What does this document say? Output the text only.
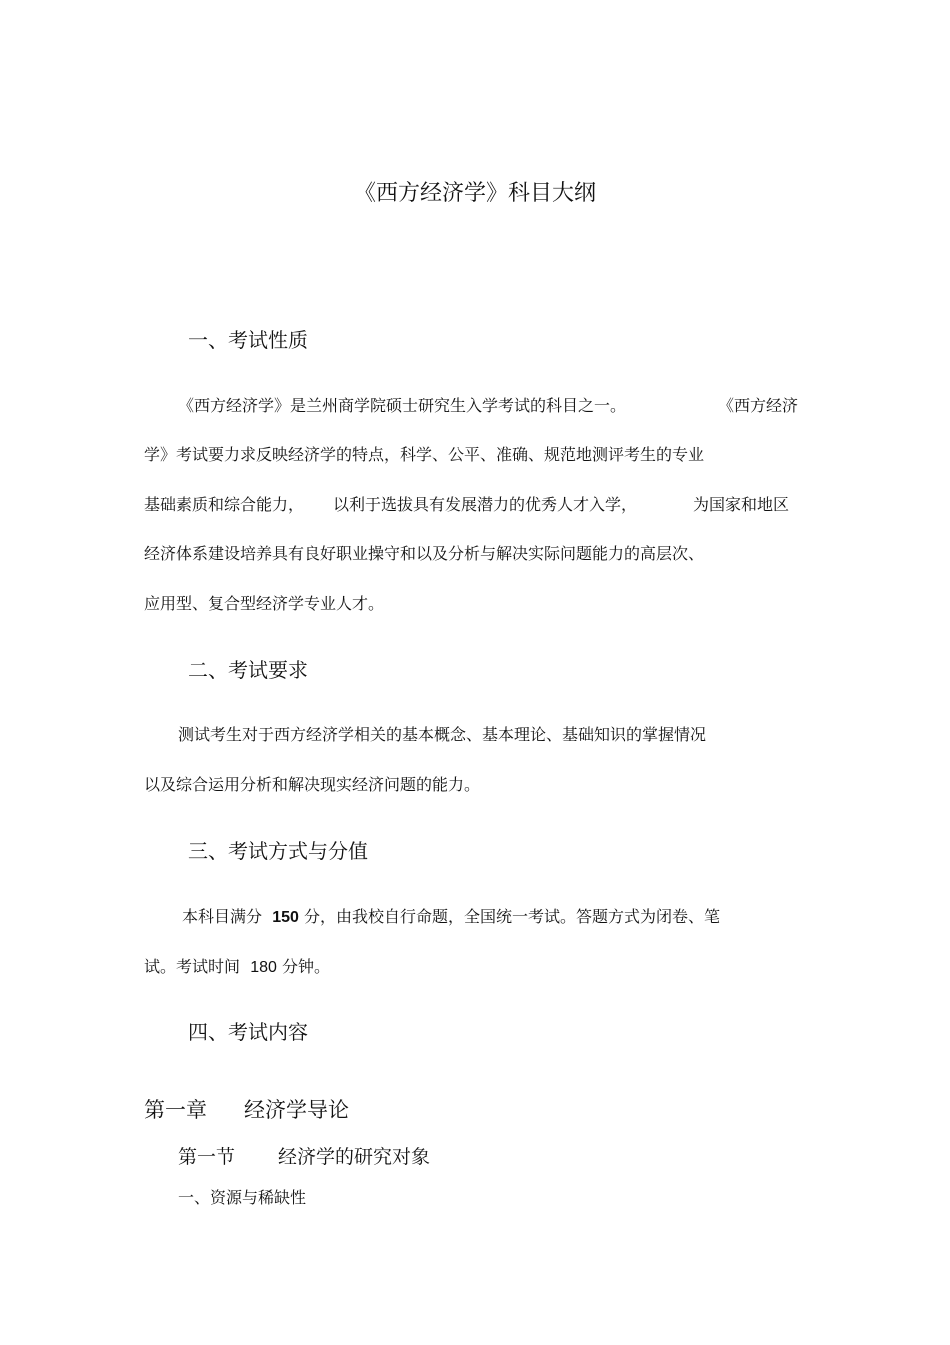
《西方经济学》科目大纲
一、考试性质
《西方经济学》是兰州商学院硕士研究生入学考试的科目之一。	《西方经济
学》考试要力求反映经济学的特点，科学、公平、准确、规范地测评考生的专业
基础素质和综合能力， 以利于选拔具有发展潜力的优秀人才入学，	为国家和地区
经济体系建设培养具有良好职业操守和以及分析与解决实际问题能力的高层次、
应用型、复合型经济学专业人才。
二、考试要求
测试考生对于西方经济学相关的基本概念、基本理论、基础知识的掌握情况
以及综合运用分析和解决现实经济问题的能力。
三、考试方式与分值
本科目满分 150 分，由我校自行命题，全国统一考试。答题方式为闭卷、笔
试。考试时间 180 分钟。
四、考试内容
第一章 经济学导论
第一节 经济学的研究对象
一、资源与稀缺性
